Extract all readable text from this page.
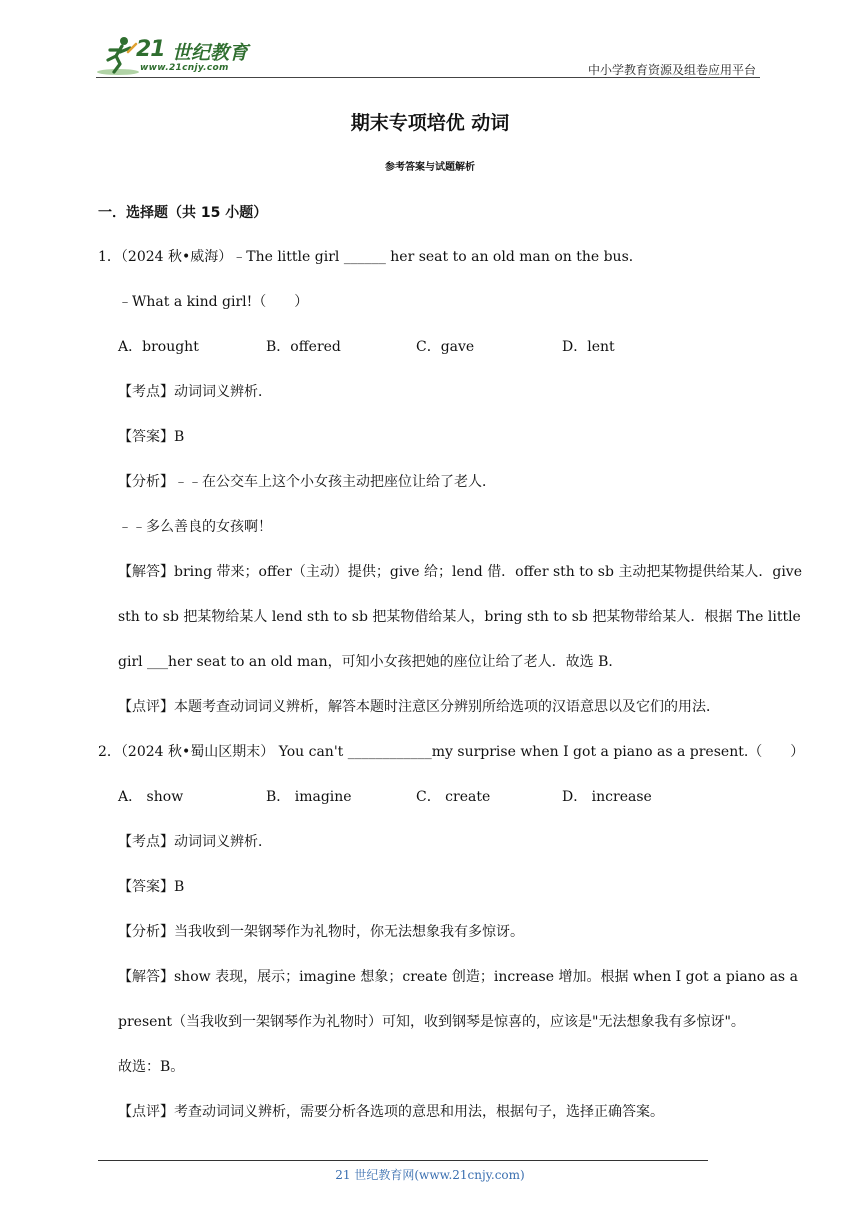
21 世纪教育
www.21cnjy.com	中小学教育资源及组卷应用平台
期末专项培优 动词
参考答案与试题解析
一．选择题（共 15 小题）
1．（2024 秋•威海）﹣The little girl ______ her seat to an old man on the bus．
﹣What a kind girl!（　　）
A．brought	B．offered	C．gave	D．lent
【考点】动词词义辨析．
【答案】B
【分析】﹣﹣在公交车上这个小女孩主动把座位让给了老人．
﹣﹣多么善良的女孩啊！
【解答】bring 带来；offer（主动）提供；give 给；lend 借．offer sth to sb 主动把某物提供给某人．give
sth to sb 把某物给某人 lend sth to sb 把某物借给某人，bring sth to sb 把某物带给某人．根据 The little
girl ___her seat to an old man，可知小女孩把她的座位让给了老人．故选 B．
【点评】本题考查动词词义辨析，解答本题时注意区分辨别所给选项的汉语意思以及它们的用法．
2．（2024 秋•蜀山区期末） You can't ____________my surprise when I got a piano as a present.（　　）
A． show	B． imagine	C． create	D． increase
【考点】动词词义辨析．
【答案】B
【分析】当我收到一架钢琴作为礼物时，你无法想象我有多惊讶。
【解答】show 表现，展示；imagine 想象；create 创造；increase 增加。根据 when I got a piano as a
present（当我收到一架钢琴作为礼物时）可知，收到钢琴是惊喜的，应该是"无法想象我有多惊讶"。
故选：B。
【点评】考查动词词义辨析，需要分析各选项的意思和用法，根据句子，选择正确答案。
21 世纪教育网(www.21cnjy.com)
